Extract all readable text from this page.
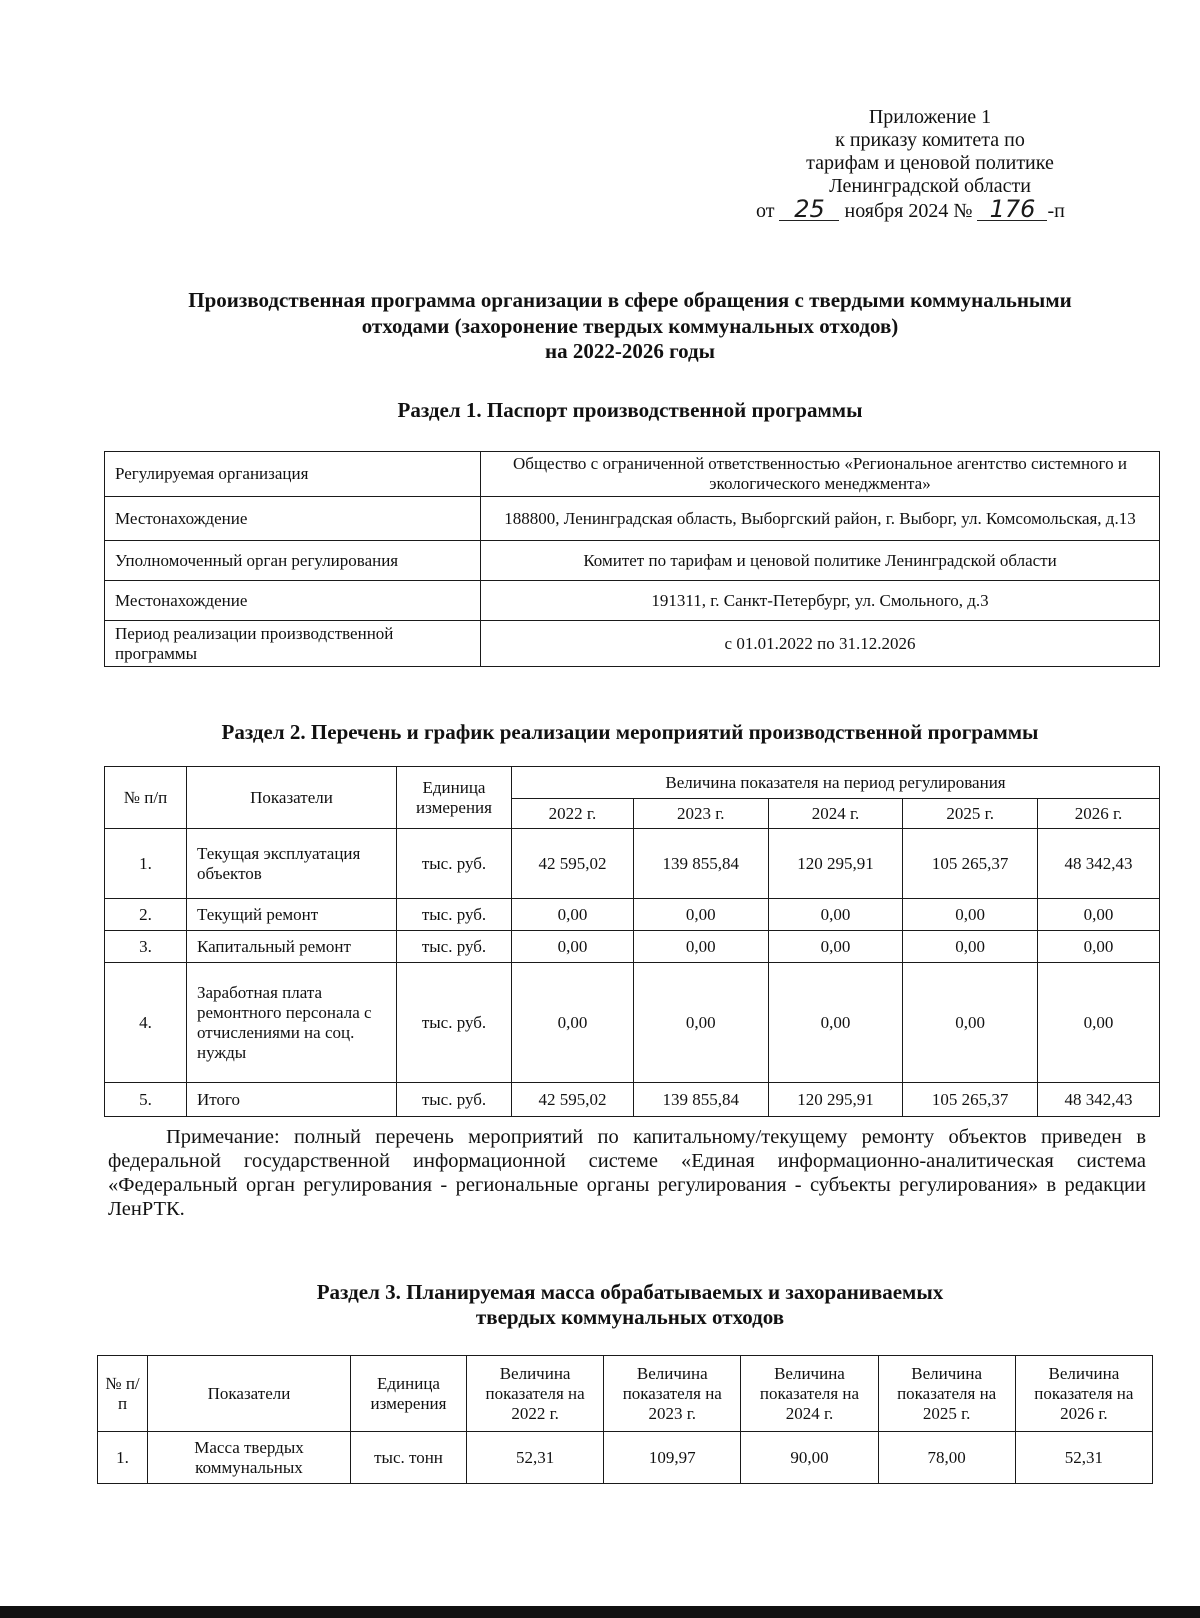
Приложение 1
к приказу комитета по
тарифам и ценовой политике
Ленинградской области
от 25 ноября 2024 № 176 -п
Производственная программа организации в сфере обращения с твердыми коммунальными
отходами (захоронение твердых коммунальных отходов)
на 2022-2026 годы
Раздел 1. Паспорт производственной программы
Регулируемая организация	Общество с ограниченной ответственностью «Региональное агентство системного и экологического менеджмента»
Местонахождение	188800, Ленинградская область, Выборгский район, г. Выборг, ул. Комсомольская, д.13
Уполномоченный орган регулирования	Комитет по тарифам и ценовой политике Ленинградской области
Местонахождение	191311, г. Санкт-Петербург, ул. Смольного, д.3
Период реализации производственной программы	с 01.01.2022 по 31.12.2026
Раздел 2. Перечень и график реализации мероприятий производственной программы
№ п/п	Показатели	Единица измерения	Величина показателя на период регулирования				
			2022 г.	2023 г.	2024 г.	2025 г.	2026 г.
1.	Текущая эксплуатация объектов	тыс. руб.	42 595,02	139 855,84	120 295,91	105 265,37	48 342,43
2.	Текущий ремонт	тыс. руб.	0,00	0,00	0,00	0,00	0,00
3.	Капитальный ремонт	тыс. руб.	0,00	0,00	0,00	0,00	0,00
4.	Заработная плата ремонтного персонала с отчислениями на соц. нужды	тыс. руб.	0,00	0,00	0,00	0,00	0,00
5.	Итого	тыс. руб.	42 595,02	139 855,84	120 295,91	105 265,37	48 342,43
Примечание: полный перечень мероприятий по капитальному/текущему ремонту объектов приведен в федеральной государственной информационной системе «Единая информационно-аналитическая система «Федеральный орган регулирования - региональные органы регулирования - субъекты регулирования» в редакции ЛенРТК.
Раздел 3. Планируемая масса обрабатываемых и захораниваемых
твердых коммунальных отходов
№ п/п	Показатели	Единица измерения	Величина показателя на 2022 г.	Величина показателя на 2023 г.	Величина показателя на 2024 г.	Величина показателя на 2025 г.	Величина показателя на 2026 г.
1.	Масса твердых коммунальных	тыс. тонн	52,31	109,97	90,00	78,00	52,31
